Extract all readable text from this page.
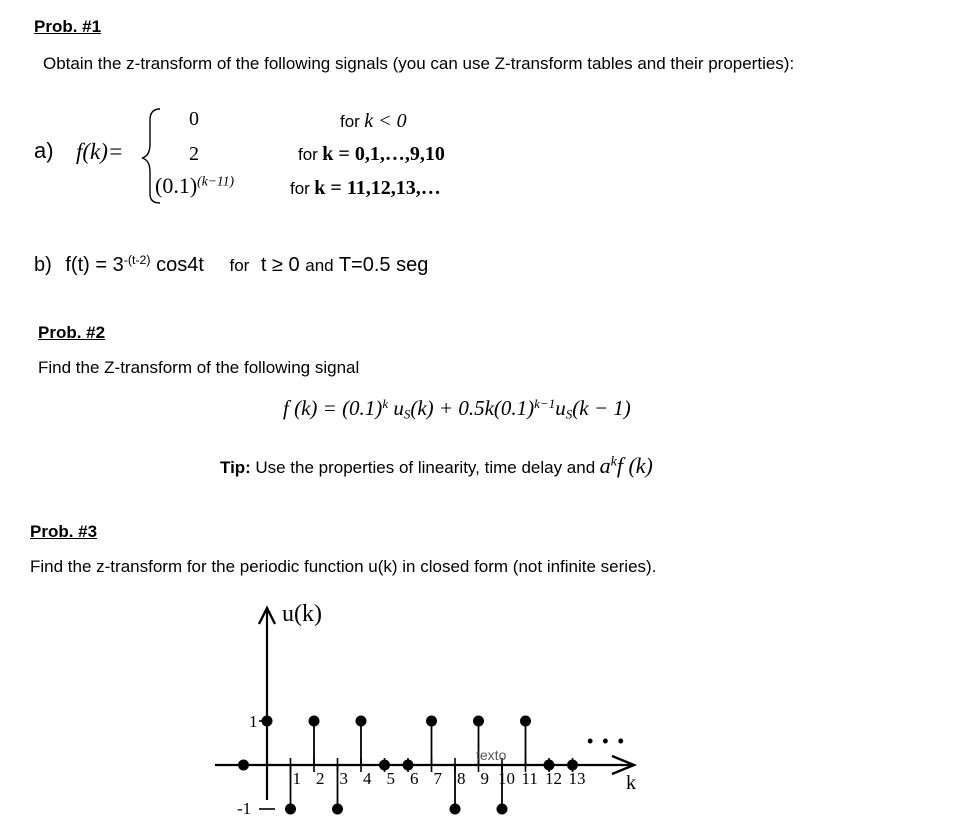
Prob. #1
Obtain the z-transform of the following signals (you can use Z-transform tables and their properties):
a) f(k)=
0
2
$(0.1)^{(k-11)}$
for k < 0
for k = 0,1,…,9,10
for k = 11,12,13,…
b) $f(t) = 3^{-(t-2)}$ cos4t for t ≥ 0 and T=0.5 seg
Prob. #2
Find the Z-transform of the following signal
f $(k) = (0.1)^k$ $u_S(k) + 0.5k(0.1)^{k-1}u_S(k - 1)$
Tip: Use the properties of linearity, time delay and $a^kf$ (k)
Prob. #3
Find the z-transform for the periodic function u(k) in closed form (not infinite series).
1 2 3 4 5 6 7 8 9 10 11 12 13
u(k)
1
-1
k
texto
• • •
